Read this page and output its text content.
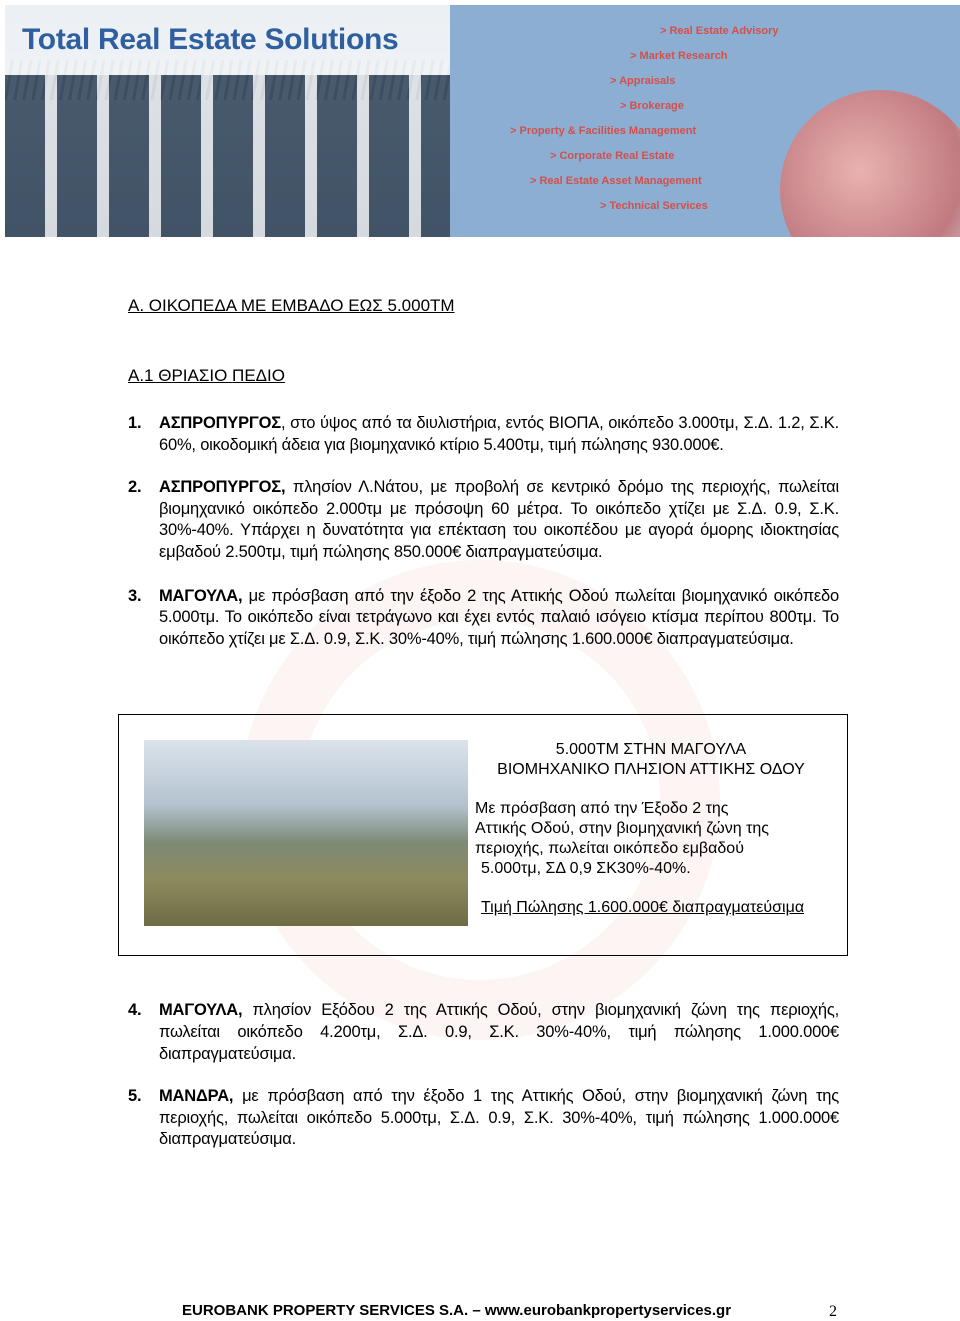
Total Real Estate Solutions	> Real Estate Advisory
> Market Research
> Appraisals
> Brokerage
> Property & Facilities Management
> Corporate Real Estate
> Real Estate Asset Management
> Technical Services
Α. ΟΙΚΟΠΕΔΑ ΜΕ ΕΜΒΑΔΟ ΕΩΣ 5.000ΤΜ
Α.1 ΘΡΙΑΣΙΟ ΠΕΔΙΟ
1. ΑΣΠΡΟΠΥΡΓΟΣ, στο ύψος από τα διυλιστήρια, εντός ΒΙΟΠΑ, οικόπεδο 3.000τμ, Σ.Δ. 1.2, Σ.Κ. 60%, οικοδομική άδεια για βιομηχανικό κτίριο 5.400τμ, τιμή πώλησης 930.000€.
2. ΑΣΠΡΟΠΥΡΓΟΣ, πλησίον Λ.Νάτου, με προβολή σε κεντρικό δρόμο της περιοχής, πωλείται βιομηχανικό οικόπεδο 2.000τμ με πρόσοψη 60 μέτρα. Το οικόπεδο χτίζει με Σ.Δ. 0.9, Σ.Κ. 30%-40%. Υπάρχει η δυνατότητα για επέκταση του οικοπέδου με αγορά όμορης ιδιοκτησίας εμβαδού 2.500τμ, τιμή πώλησης 850.000€ διαπραγματεύσιμα.
3. ΜΑΓΟΥΛΑ, με πρόσβαση από την έξοδο 2 της Αττικής Οδού πωλείται βιομηχανικό οικόπεδο 5.000τμ. Το οικόπεδο είναι τετράγωνο και έχει εντός παλαιό ισόγειο κτίσμα περίπου 800τμ. Το οικόπεδο χτίζει με Σ.Δ. 0.9, Σ.Κ. 30%-40%, τιμή πώλησης 1.600.000€ διαπραγματεύσιμα.
5.000ΤΜ ΣΤΗΝ ΜΑΓΟΥΛΑ
ΒΙΟΜΗΧΑΝΙΚΟ ΠΛΗΣΙΟΝ ΑΤΤΙΚΗΣ ΟΔΟΥ
Με πρόσβαση από την Έξοδο 2 της
Αττικής Οδού, στην βιομηχανική ζώνη της
περιοχής, πωλείται οικόπεδο εμβαδού
5.000τμ, ΣΔ 0,9 ΣΚ30%-40%.
Τιμή Πώλησης 1.600.000€ διαπραγματεύσιμα
4. ΜΑΓΟΥΛΑ, πλησίον Εξόδου 2 της Αττικής Οδού, στην βιομηχανική ζώνη της περιοχής, πωλείται οικόπεδο 4.200τμ, Σ.Δ. 0.9, Σ.Κ. 30%-40%, τιμή πώλησης 1.000.000€ διαπραγματεύσιμα.
5. ΜΑΝΔΡΑ, με πρόσβαση από την έξοδο 1 της Αττικής Οδού, στην βιομηχανική ζώνη της περιοχής, πωλείται οικόπεδο 5.000τμ, Σ.Δ. 0.9, Σ.Κ. 30%-40%, τιμή πώλησης 1.000.000€ διαπραγματεύσιμα.
EUROBANK PROPERTY SERVICES S.A. – www.eurobankpropertyservices.gr	2
